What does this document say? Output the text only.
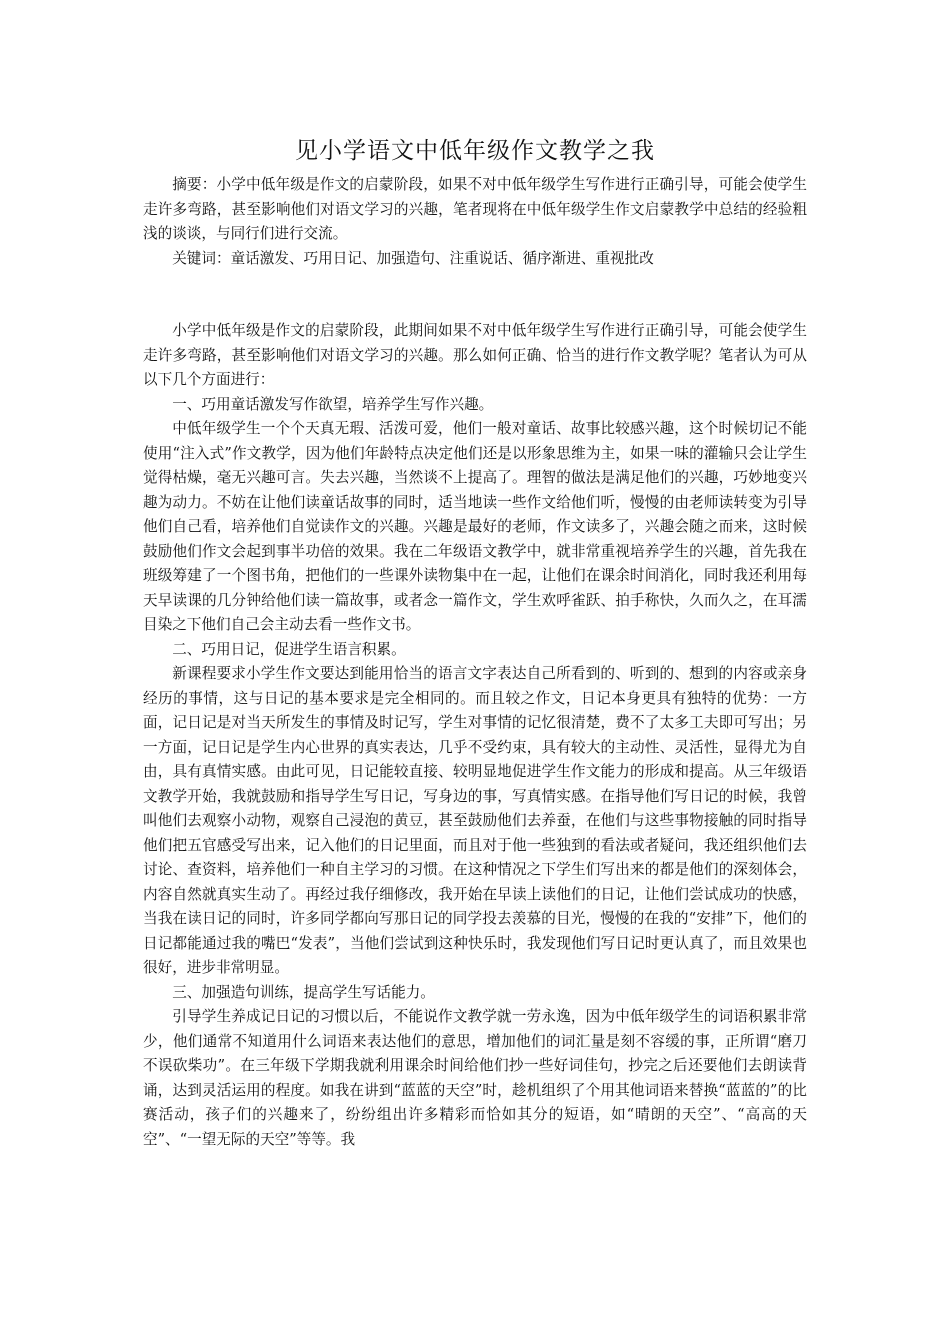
见小学语文中低年级作文教学之我

摘要：小学中低年级是作文的启蒙阶段，如果不对中低年级学生写作进行正确引导，可能会使学生走许多弯路，甚至影响他们对语文学习的兴趣，笔者现将在中低年级学生作文启蒙教学中总结的经验粗浅的谈谈，与同行们进行交流。

关键词：童话激发、巧用日记、加强造句、注重说话、循序渐进、重视批改

小学中低年级是作文的启蒙阶段，此期间如果不对中低年级学生写作进行正确引导，可能会使学生走许多弯路，甚至影响他们对语文学习的兴趣。那么如何正确、恰当的进行作文教学呢？笔者认为可从以下几个方面进行：

一、巧用童话激发写作欲望，培养学生写作兴趣。

中低年级学生一个个天真无瑕、活泼可爱，他们一般对童话、故事比较感兴趣，这个时候切记不能使用“注入式”作文教学，因为他们年龄特点决定他们还是以形象思维为主，如果一味的灌输只会让学生觉得枯燥，毫无兴趣可言。失去兴趣，当然谈不上提高了。理智的做法是满足他们的兴趣，巧妙地变兴趣为动力。不妨在让他们读童话故事的同时，适当地读一些作文给他们听，慢慢的由老师读转变为引导他们自己看，培养他们自觉读作文的兴趣。兴趣是最好的老师，作文读多了，兴趣会随之而来，这时候鼓励他们作文会起到事半功倍的效果。我在二年级语文教学中，就非常重视培养学生的兴趣，首先我在班级筹建了一个图书角，把他们的一些课外读物集中在一起，让他们在课余时间消化，同时我还利用每天早读课的几分钟给他们读一篇故事，或者念一篇作文，学生欢呼雀跃、拍手称快，久而久之，在耳濡目染之下他们自己会主动去看一些作文书。

二、巧用日记，促进学生语言积累。

新课程要求小学生作文要达到能用恰当的语言文字表达自己所看到的、听到的、想到的内容或亲身经历的事情，这与日记的基本要求是完全相同的。而且较之作文，日记本身更具有独特的优势：一方面，记日记是对当天所发生的事情及时记写，学生对事情的记忆很清楚，费不了太多工夫即可写出；另一方面，记日记是学生内心世界的真实表达，几乎不受约束，具有较大的主动性、灵活性，显得尤为自由，具有真情实感。由此可见，日记能较直接、较明显地促进学生作文能力的形成和提高。从三年级语文教学开始，我就鼓励和指导学生写日记，写身边的事，写真情实感。在指导他们写日记的时候，我曾叫他们去观察小动物，观察自己浸泡的黄豆，甚至鼓励他们去养蚕，在他们与这些事物接触的同时指导他们把五官感受写出来，记入他们的日记里面，而且对于他一些独到的看法或者疑问，我还组织他们去讨论、查资料，培养他们一种自主学习的习惯。在这种情况之下学生们写出来的都是他们的深刻体会，内容自然就真实生动了。再经过我仔细修改，我开始在早读上读他们的日记，让他们尝试成功的快感，当我在读日记的同时，许多同学都向写那日记的同学投去羡慕的目光，慢慢的在我的“安排”下，他们的日记都能通过我的嘴巴“发表”，当他们尝试到这种快乐时，我发现他们写日记时更认真了，而且效果也很好，进步非常明显。

三、加强造句训练，提高学生写话能力。

引导学生养成记日记的习惯以后，不能说作文教学就一劳永逸，因为中低年级学生的词语积累非常少，他们通常不知道用什么词语来表达他们的意思，增加他们的词汇量是刻不容缓的事，正所谓“磨刀不误砍柴功”。在三年级下学期我就利用课余时间给他们抄一些好词佳句，抄完之后还要他们去朗读背诵，达到灵活运用的程度。如我在讲到“蓝蓝的天空”时，趁机组织了个用其他词语来替换“蓝蓝的”的比赛活动，孩子们的兴趣来了，纷纷组出许多精彩而恰如其分的短语，如“晴朗的天空”、“高高的天空”、“一望无际的天空”等等。我
